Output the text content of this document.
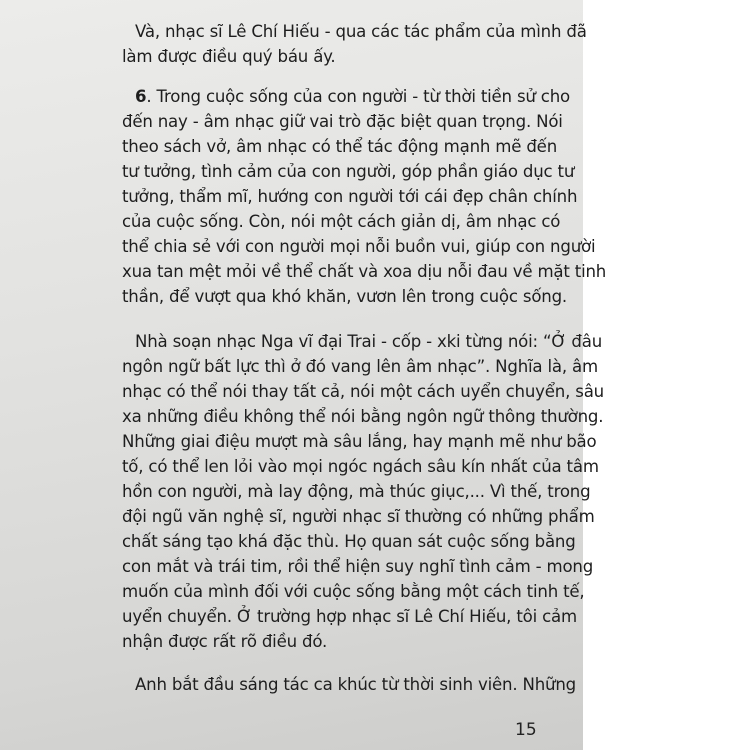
Và, nhạc sĩ Lê Chí Hiếu - qua các tác phẩm của mình đã
làm được điều quý báu ấy.
6. Trong cuộc sống của con người - từ thời tiền sử cho
đến nay - âm nhạc giữ vai trò đặc biệt quan trọng. Nói
theo sách vở, âm nhạc có thể tác động mạnh mẽ đến
tư tưởng, tình cảm của con người, góp phần giáo dục tư
tưởng, thẩm mĩ, hướng con người tới cái đẹp chân chính
của cuộc sống. Còn, nói một cách giản dị, âm nhạc có
thể chia sẻ với con người mọi nỗi buồn vui, giúp con người
xua tan mệt mỏi về thể chất và xoa dịu nỗi đau về mặt tinh
thần, để vượt qua khó khăn, vươn lên trong cuộc sống.
Nhà soạn nhạc Nga vĩ đại Trai - cốp - xki từng nói: “Ở đâu
ngôn ngữ bất lực thì ở đó vang lên âm nhạc”. Nghĩa là, âm
nhạc có thể nói thay tất cả, nói một cách uyển chuyển, sâu
xa những điều không thể nói bằng ngôn ngữ thông thường.
Những giai điệu mượt mà sâu lắng, hay mạnh mẽ như bão
tố, có thể len lỏi vào mọi ngóc ngách sâu kín nhất của tâm
hồn con người, mà lay động, mà thúc giục,... Vì thế, trong
đội ngũ văn nghệ sĩ, người nhạc sĩ thường có những phẩm
chất sáng tạo khá đặc thù. Họ quan sát cuộc sống bằng
con mắt và trái tim, rồi thể hiện suy nghĩ tình cảm - mong
muốn của mình đối với cuộc sống bằng một cách tinh tế,
uyển chuyển. Ở trường hợp nhạc sĩ Lê Chí Hiếu, tôi cảm
nhận được rất rõ điều đó.
Anh bắt đầu sáng tác ca khúc từ thời sinh viên. Những
15
